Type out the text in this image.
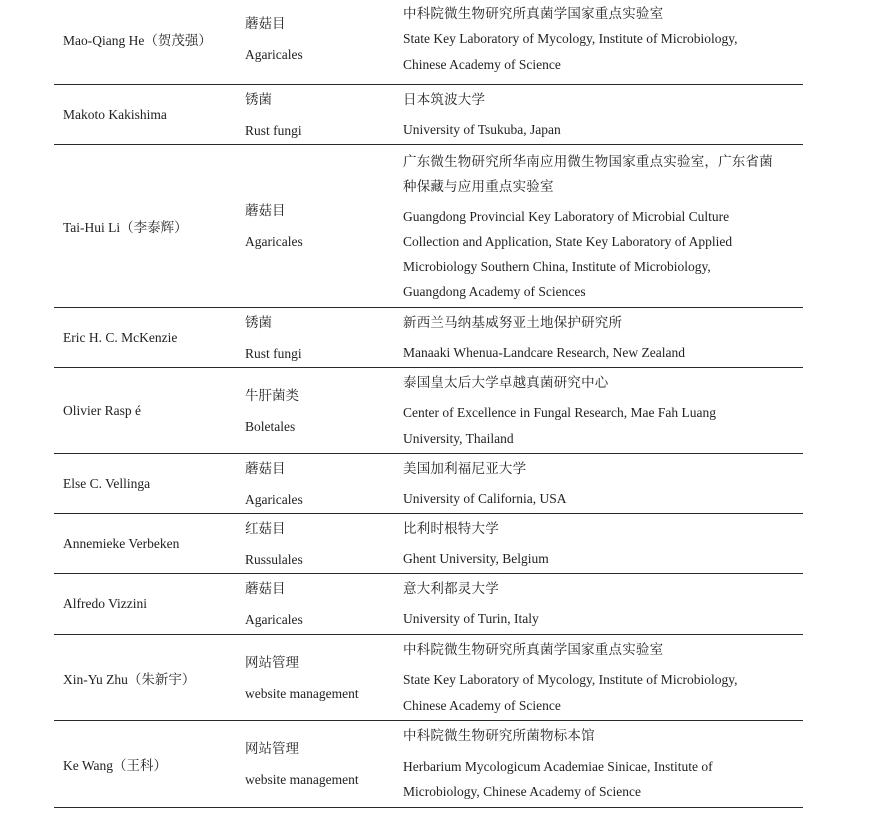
Mao-Qiang He（贺茂强）
蘑菇目
Agaricales
中科院微生物研究所真菌学国家重点实验室
State Key Laboratory of Mycology, Institute of Microbiology,
Chinese Academy of Science
Makoto Kakishima
锈菌
Rust fungi
日本筑波大学
University of Tsukuba, Japan
Tai-Hui Li（李泰辉）
蘑菇目
Agaricales
广东微生物研究所华南应用微生物国家重点实验室，广东省菌
种保藏与应用重点实验室
Guangdong Provincial Key Laboratory of Microbial Culture
Collection and Application, State Key Laboratory of Applied
Microbiology Southern China, Institute of Microbiology,
Guangdong Academy of Sciences
Eric H. C. McKenzie
锈菌
Rust fungi
新西兰马纳基威努亚土地保护研究所
Manaaki Whenua-Landcare Research, New Zealand
Olivier Rasp é
牛肝菌类
Boletales
泰国皇太后大学卓越真菌研究中心
Center of Excellence in Fungal Research, Mae Fah Luang
University, Thailand
Else C. Vellinga
蘑菇目
Agaricales
美国加利福尼亚大学
University of California, USA
Annemieke Verbeken
红菇目
Russulales
比利时根特大学
Ghent University, Belgium
Alfredo Vizzini
蘑菇目
Agaricales
意大利都灵大学
University of Turin, Italy
Xin-Yu Zhu（朱新宇）
网站管理
website management
中科院微生物研究所真菌学国家重点实验室
State Key Laboratory of Mycology, Institute of Microbiology,
Chinese Academy of Science
Ke Wang（王科）
网站管理
website management
中科院微生物研究所菌物标本馆
Herbarium Mycologicum Academiae Sinicae, Institute of
Microbiology, Chinese Academy of Science
